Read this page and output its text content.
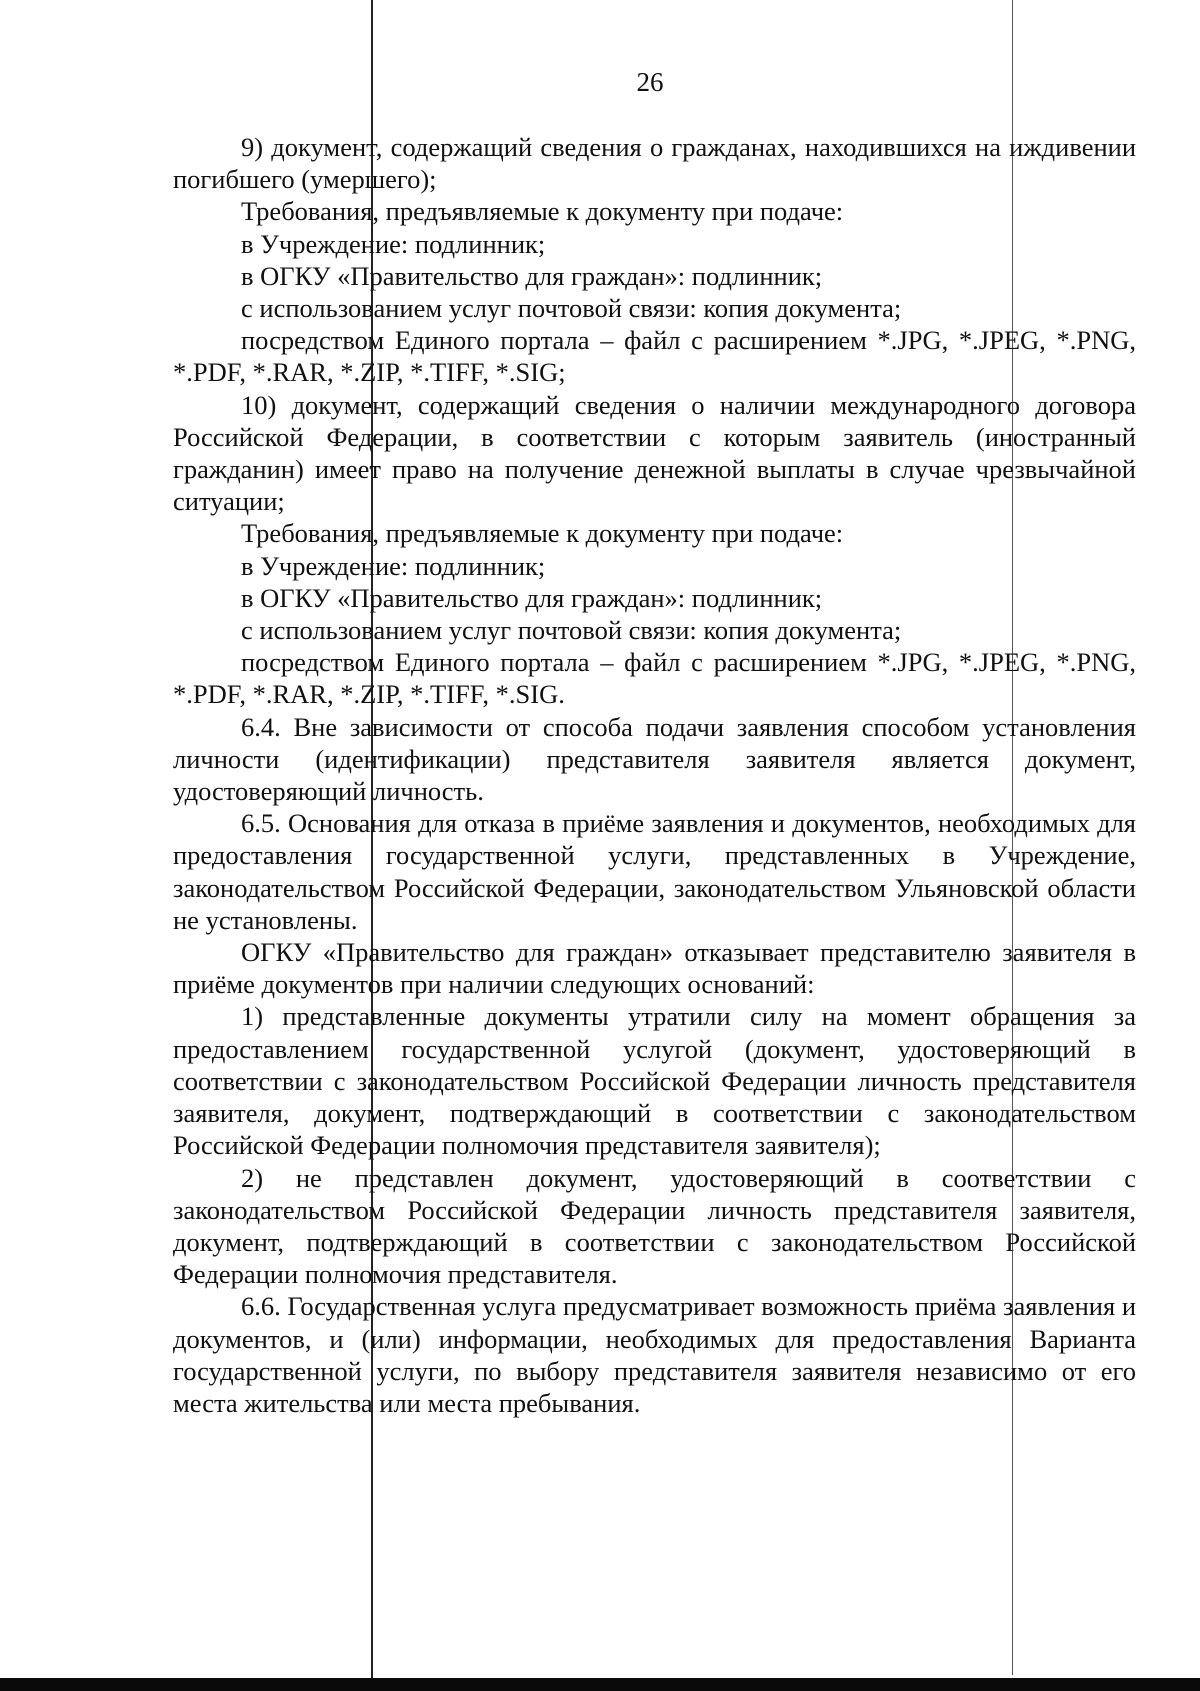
26

9) документ, содержащий сведения о гражданах, находившихся на иждивении погибшего (умершего);

Требования, предъявляемые к документу при подаче:

в Учреждение: подлинник;

в ОГКУ «Правительство для граждан»: подлинник;

с использованием услуг почтовой связи: копия документа;

посредством Единого портала – файл с расширением *.JPG, *.JPEG, *.PNG, *.PDF, *.RAR, *.ZIP, *.TIFF, *.SIG;

10) документ, содержащий сведения о наличии международного договора Российской Федерации, в соответствии с которым заявитель (иностранный гражданин) имеет право на получение денежной выплаты в случае чрезвычайной ситуации;

Требования, предъявляемые к документу при подаче:

в Учреждение: подлинник;

в ОГКУ «Правительство для граждан»: подлинник;

с использованием услуг почтовой связи: копия документа;

посредством Единого портала – файл с расширением *.JPG, *.JPEG, *.PNG, *.PDF, *.RAR, *.ZIP, *.TIFF, *.SIG.

6.4. Вне зависимости от способа подачи заявления способом установления личности (идентификации) представителя заявителя является документ, удостоверяющий личность.

6.5. Основания для отказа в приёме заявления и документов, необходимых для предоставления государственной услуги, представленных в Учреждение, законодательством Российской Федерации, законодательством Ульяновской области не установлены.

ОГКУ «Правительство для граждан» отказывает представителю заявителя в приёме документов при наличии следующих оснований:

1) представленные документы утратили силу на момент обращения за предоставлением государственной услугой (документ, удостоверяющий в соответствии с законодательством Российской Федерации личность представителя заявителя, документ, подтверждающий в соответствии с законодательством Российской Федерации полномочия представителя заявителя);

2) не представлен документ, удостоверяющий в соответствии с законодательством Российской Федерации личность представителя заявителя, документ, подтверждающий в соответствии с законодательством Российской Федерации полномочия представителя.

6.6. Государственная услуга предусматривает возможность приёма заявления и документов, и (или) информации, необходимых для предоставления Варианта государственной услуги, по выбору представителя заявителя независимо от его места жительства или места пребывания.
